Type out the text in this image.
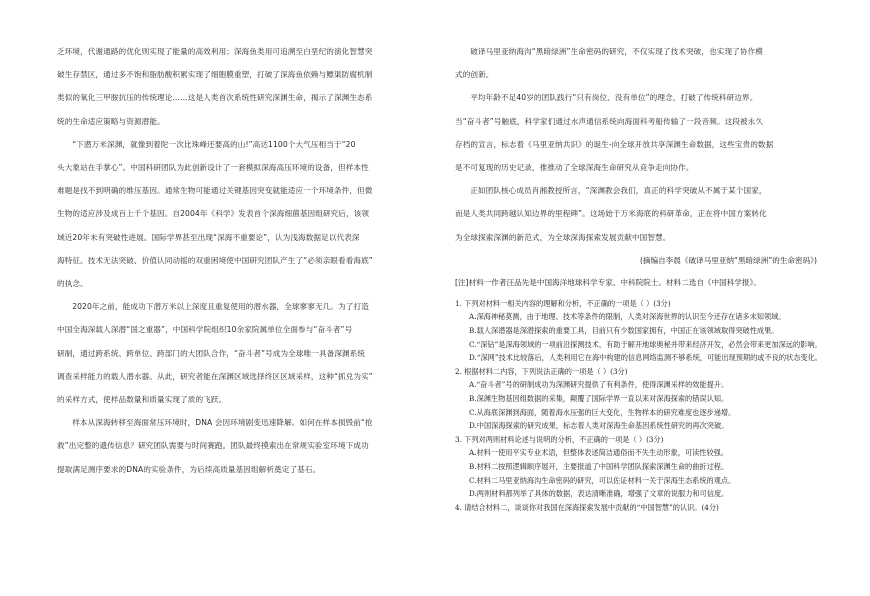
乏环境，代谢通路的优化则实现了能量的高效利用；深海鱼类用可追溯至白垩纪的演化智慧突
破生存禁区，通过多不饱和脂肪酸积累实现了细胞膜重塑，打破了深海鱼依赖与鳔渠防腐机制
类似的氧化三甲胺抗压的传统理论……这是人类首次系统性研究深渊生命，揭示了深渊生态系
统的生命适应策略与资源潜能。

“下潜万米深渊，就像到着陀一次比珠峰还要高的山!”高达1100个大气压相当于“20
头大象站在手掌心”。中国科研团队为此创新设计了一套模拟深海高压环境的设备，但样本性
难题是找不到明确的维压基因。通常生物可能通过关键基因突变就能适应一个环境条件，但微
生物的适应涉及成百上千个基因。自2004年《科学》发表首个深海细菌基因组研究后，该领
域近20年未有突破性进展。国际学界甚至出现“深海不重要论”，认为浅海数据足以代表深
海特征。技术无法突破、价值认同动摇的双重困境使中国研究团队产生了“必须亲眼看看海底”
的执念。

2020年之前，能成功下潜万米以上深度且重复使用的潜水器，全球寥寥无几。为了打造
中国全海深载人深潜“国之重器”，中国科学院组织10余家院属单位全面参与“奋斗者”号
研制，通过跨系统、跨单位、跨部门的大团队合作，“奋斗者”号成为全球唯一具备深渊系统
调查采样能力的载人潜水器。从此，研究者能在深渊区域选择终区区域采样，这种“抓兑为实”
的采样方式，使样品数量和质量实现了质的飞跃。

样本从深海转移至海面常压环境时，DNA 会因环境剧变迅速降解。如何在样本损毁前“抢
救”出完整的遗传信息？研究团队需要与时间赛跑。团队最终摸索出在常规实验室环境下成功
提取满足测序要求的DNA的实验条件，为后续高质量基因组解析奠定了基石。

破译马里亚纳海沟“黑暗绿洲”生命密码的研究，不仅实现了技术突破，也实现了协作模
式的创新。

平均年龄不足40岁的团队践行“只有岗位、没有单位”的理念，打破了传统科研边界。
当“奋斗者”号触底，科学家们通过水声通信系统向海面科考船传输了一段音频。这段被永久
存档的宣言，标志着《马里亚纳共识》的诞生-向全球开放共享深渊生命数据，这些宝贵的数据
是不可复现的历史记录，推推动了全球深海生命研究从竞争走向协作。

正如团队核心成员肖湘教授所言，“深渊教会我们，真正的科学突破从不属于某个国家，
而是人类共同跨越认知边界的里程碑”。这场始于万米海底的科研革命，正在将中国方案转化
为全球探索深渊的新范式，为全球深海探索发展贡献中国智慧。

(摘编自李晨《破译马里亚纳“黑暗绿洲”的生命密码》)

[注]材料一作者汪品先是中国海洋地球科学专家、中科院院士。材料二选自《中国科学报》。

1. 下列对材料一相关内容的理解和分析，不正确的一项是（ ）(3分)

A.深海神秘莫测，由于地理、技术等条件的限制，人类对深海世界的认识至今还存在诸多未知领域。

B.载人深潜器是深潜探索的重要工具，目前只有少数国家拥有，中国正在该领域取得突破性成果。

C.“深钻”是深海领域的一项前沿探测技术，有助于解开地球奥秘并带来经济开发，必然会带来更加深远的影响。

D.“深网”技术比较落后，人类利用它在海中构建的信息网络监测不够系统，可能出现预期的或不良的状态变化。

2. 根据材料二内容，下列说法正确的一项是（ ）(3分)

A.“奋斗者”号的研制成功为深渊研究提供了有利条件，使得深渊采样的效能提升。

B.深渊生物基因组数据的采集，颠覆了国际学界一直以来对深海探索的错误认知。

C.从海底深渊到海面，随着海水压强的巨大变化，生物样本的研究难度也逐步递增。

D.中国深海探索的研究成果，标志着人类对深海生命基因系统性研究的再次突破。

3. 下列对两则材料论述与说明的分析，不正确的一项是（ ）(3分)

A.材料一使用平实专业术语，但整体表述简洁通俗而不失生动形象，可读性较强。

B.材料二按照逻辑顺序展开，主要报道了中国科学团队探索深渊生命的曲折过程。

C.材料二马里亚纳海沟生命密码的研究，可以佐证材料一关于深海生态系统的观点。

D.两则材料都列举了具体的数据，表达清晰准确，增强了文章的说服力和可信度。

4. 请结合材料二，谈谈你对我国在深海探索发展中贡献的“中国智慧”的认识。(4分)
